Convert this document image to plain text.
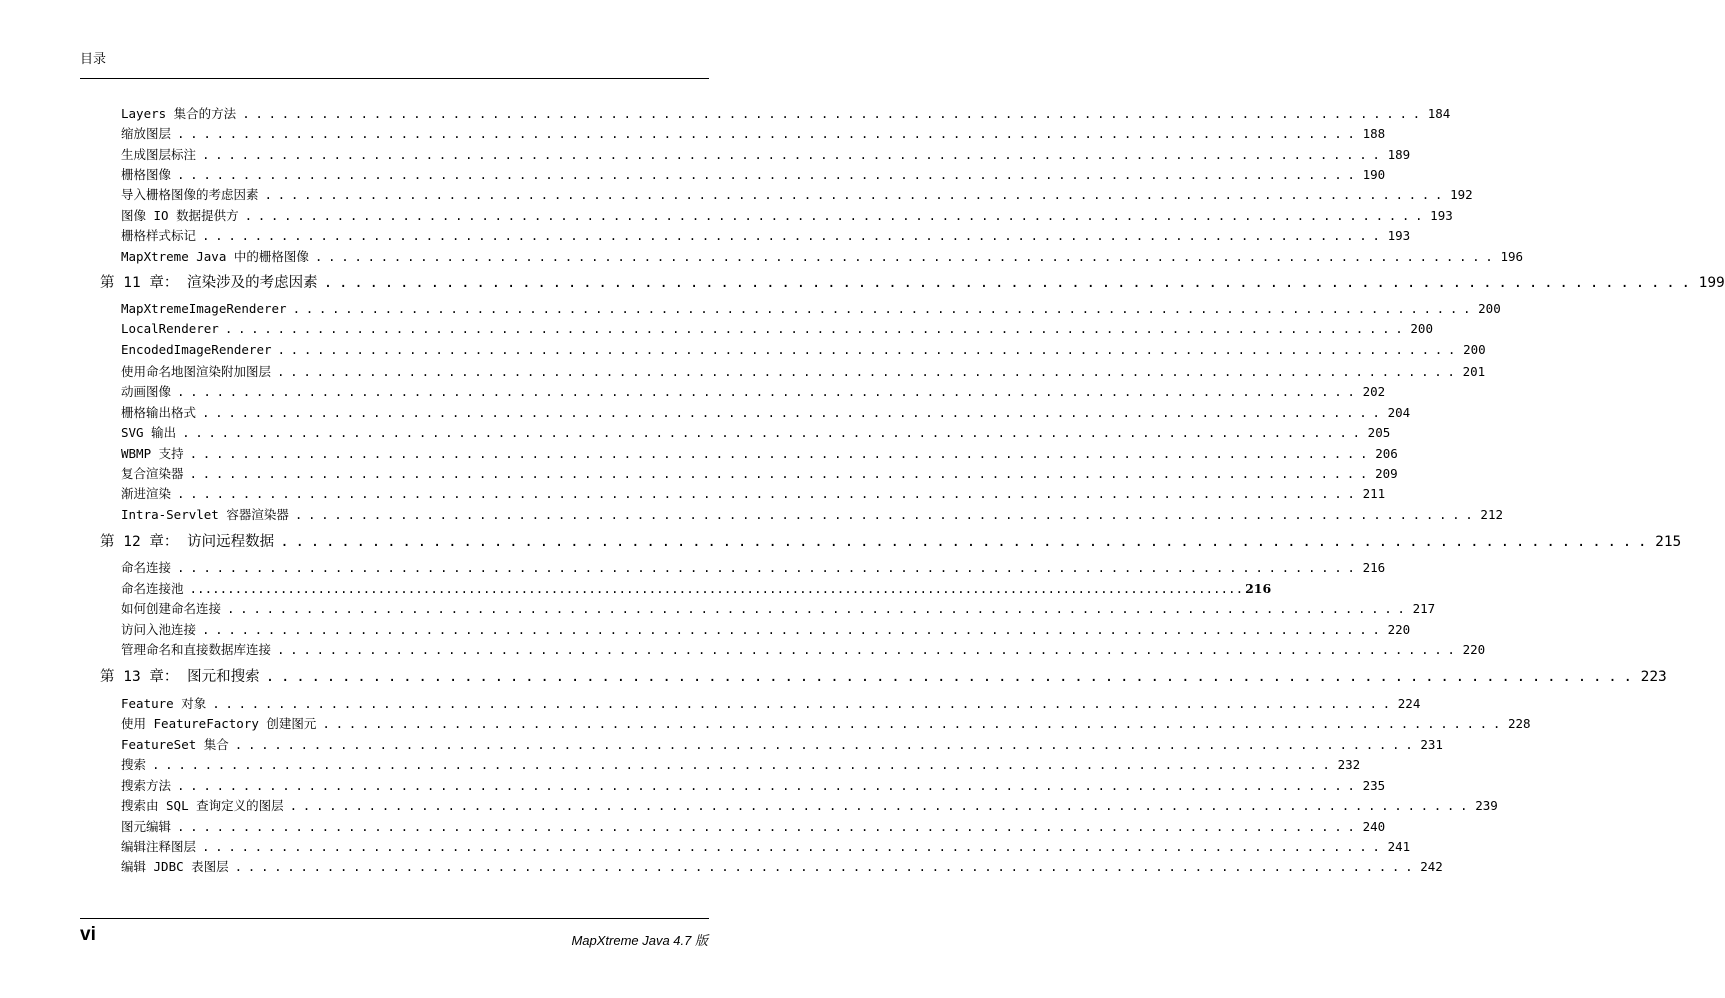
目录
Layers 集合的方法 .......................................................................................... 184
缩放图层 .......................................................................................... 188
生成图层标注 .......................................................................................... 189
栅格图像 .......................................................................................... 190
导入栅格图像的考虑因素 .......................................................................................... 192
图像 IO 数据提供方 .......................................................................................... 193
栅格样式标记 .......................................................................................... 193
MapXtreme Java 中的栅格图像 .......................................................................................... 196
第 11 章： 渲染涉及的考虑因素 .......................................................................................... 199
MapXtremeImageRenderer .......................................................................................... 200
LocalRenderer .......................................................................................... 200
EncodedImageRenderer .......................................................................................... 200
使用命名地图渲染附加图层 .......................................................................................... 201
动画图像 .......................................................................................... 202
栅格输出格式 .......................................................................................... 204
SVG 输出 .......................................................................................... 205
WBMP 支持 .......................................................................................... 206
复合渲染器 .......................................................................................... 209
渐进渲染 .......................................................................................... 211
Intra-Servlet 容器渲染器 .......................................................................................... 212
第 12 章： 访问远程数据 .......................................................................................... 215
命名连接 .......................................................................................... 216
命名连接池 ............................................................................................................................................ 216
如何创建命名连接 .......................................................................................... 217
访问入池连接 .......................................................................................... 220
管理命名和直接数据库连接 .......................................................................................... 220
第 13 章： 图元和搜索 .......................................................................................... 223
Feature 对象 .......................................................................................... 224
使用 FeatureFactory 创建图元 .......................................................................................... 228
FeatureSet 集合 .......................................................................................... 231
搜索 .......................................................................................... 232
搜索方法 .......................................................................................... 235
搜索由 SQL 查询定义的图层 .......................................................................................... 239
图元编辑 .......................................................................................... 240
编辑注释图层 .......................................................................................... 241
编辑 JDBC 表图层 .......................................................................................... 242
vi	MapXtreme Java 4.7 版
